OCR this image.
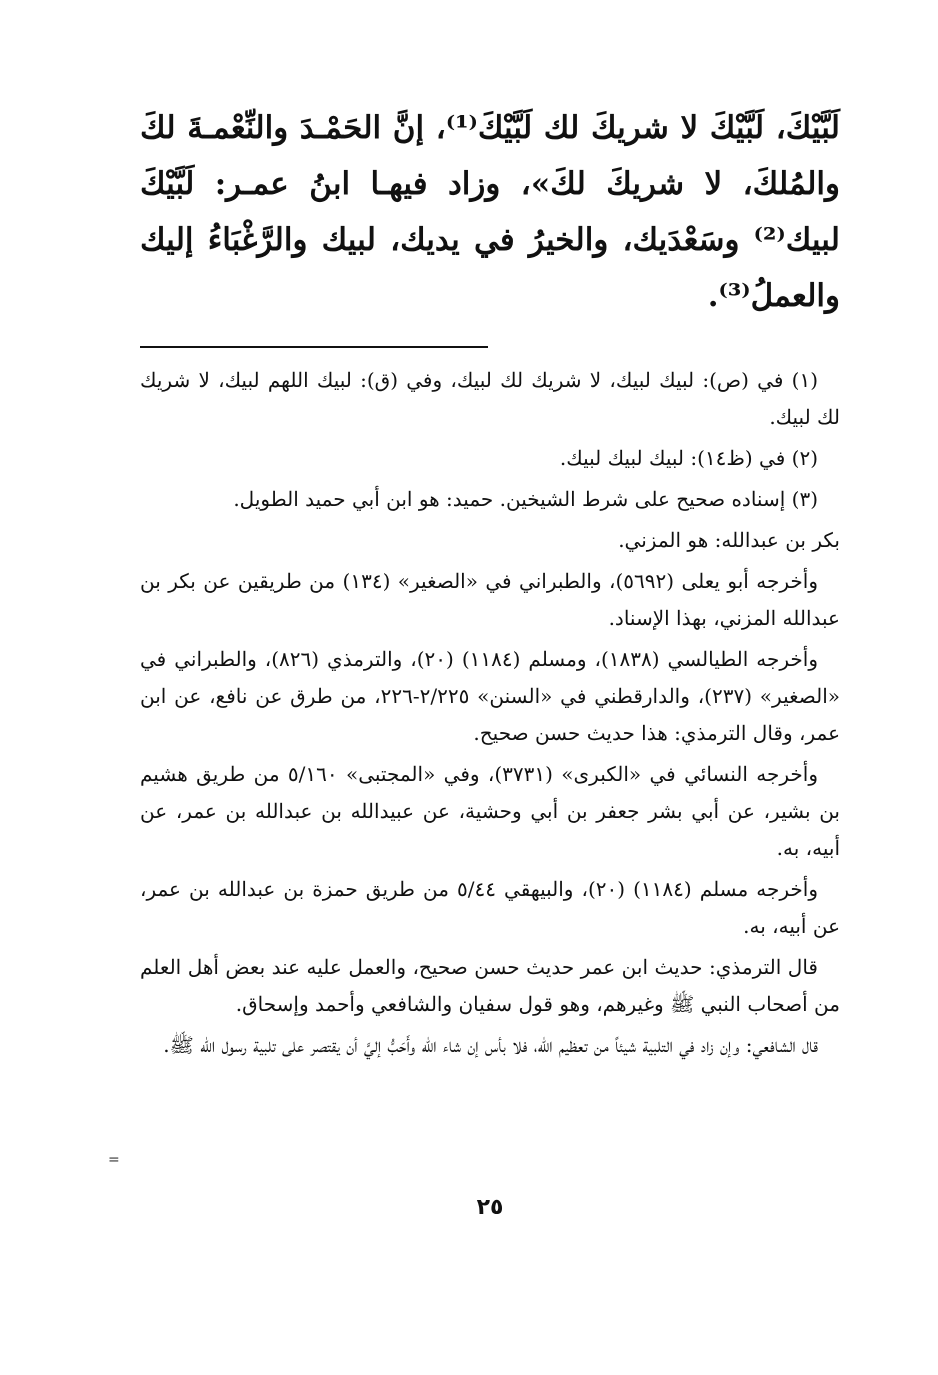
لَبَّيْكَ، لَبَّيْكَ لا شريكَ لك لَبَّيْكَ⁽¹⁾، إنَّ الحَمْـدَ والنِّعْمـةَ لكَ والمُلكَ، لا شريكَ لكَ»، وزاد فيهـا ابنُ عمـر: لَبَّيْكَ لبيك⁽²⁾ وسَعْدَيك، والخيرُ في يديك، لبيك والرَّغْبَاءُ إليك والعملُ⁽³⁾.

(١) في (ص): لبيك لبيك، لا شريك لك لبيك، وفي (ق): لبيك اللهم لبيك، لا شريك لك لبيك.

(٢) في (ظ١٤): لبيك لبيك لبيك.

(٣) إسناده صحيح على شرط الشيخين. حميد: هو ابن أبي حميد الطويل.

بكر بن عبدالله: هو المزني.

وأخرجه أبو يعلى (٥٦٩٢)، والطبراني في «الصغير» (١٣٤) من طريقين عن بكر بن عبدالله المزني، بهذا الإسناد.

وأخرجه الطيالسي (١٨٣٨)، ومسلم (١١٨٤) (٢٠)، والترمذي (٨٢٦)، والطبراني في «الصغير» (٢٣٧)، والدارقطني في «السنن» ٢/٢٢٥-٢٢٦، من طرق عن نافع، عن ابن عمر، وقال الترمذي: هذا حديث حسن صحيح.

وأخرجه النسائي في «الكبرى» (٣٧٣١)، وفي «المجتبى» ٥/١٦٠ من طريق هشيم بن بشير، عن أبي بشر جعفر بن أبي وحشية، عن عبيدالله بن عبدالله بن عمر، عن أبيه، به.

وأخرجه مسلم (١١٨٤) (٢٠)، والبيهقي ٥/٤٤ من طريق حمزة بن عبدالله بن عمر، عن أبيه، به.

قال الترمذي: حديث ابن عمر حديث حسن صحيح، والعمل عليه عند بعض أهل العلم من أصحاب النبي ﷺ وغيرهم، وهو قول سفيان والشافعي وأحمد وإسحاق.

قال الشافعي: وإن زاد في التلبية شيئاً من تعظيم الله، فلا بأس إن شاء الله وأَحَبُّ إليَّ أن يقتصر على تلبية رسول الله ﷺ.

٢٥
=
